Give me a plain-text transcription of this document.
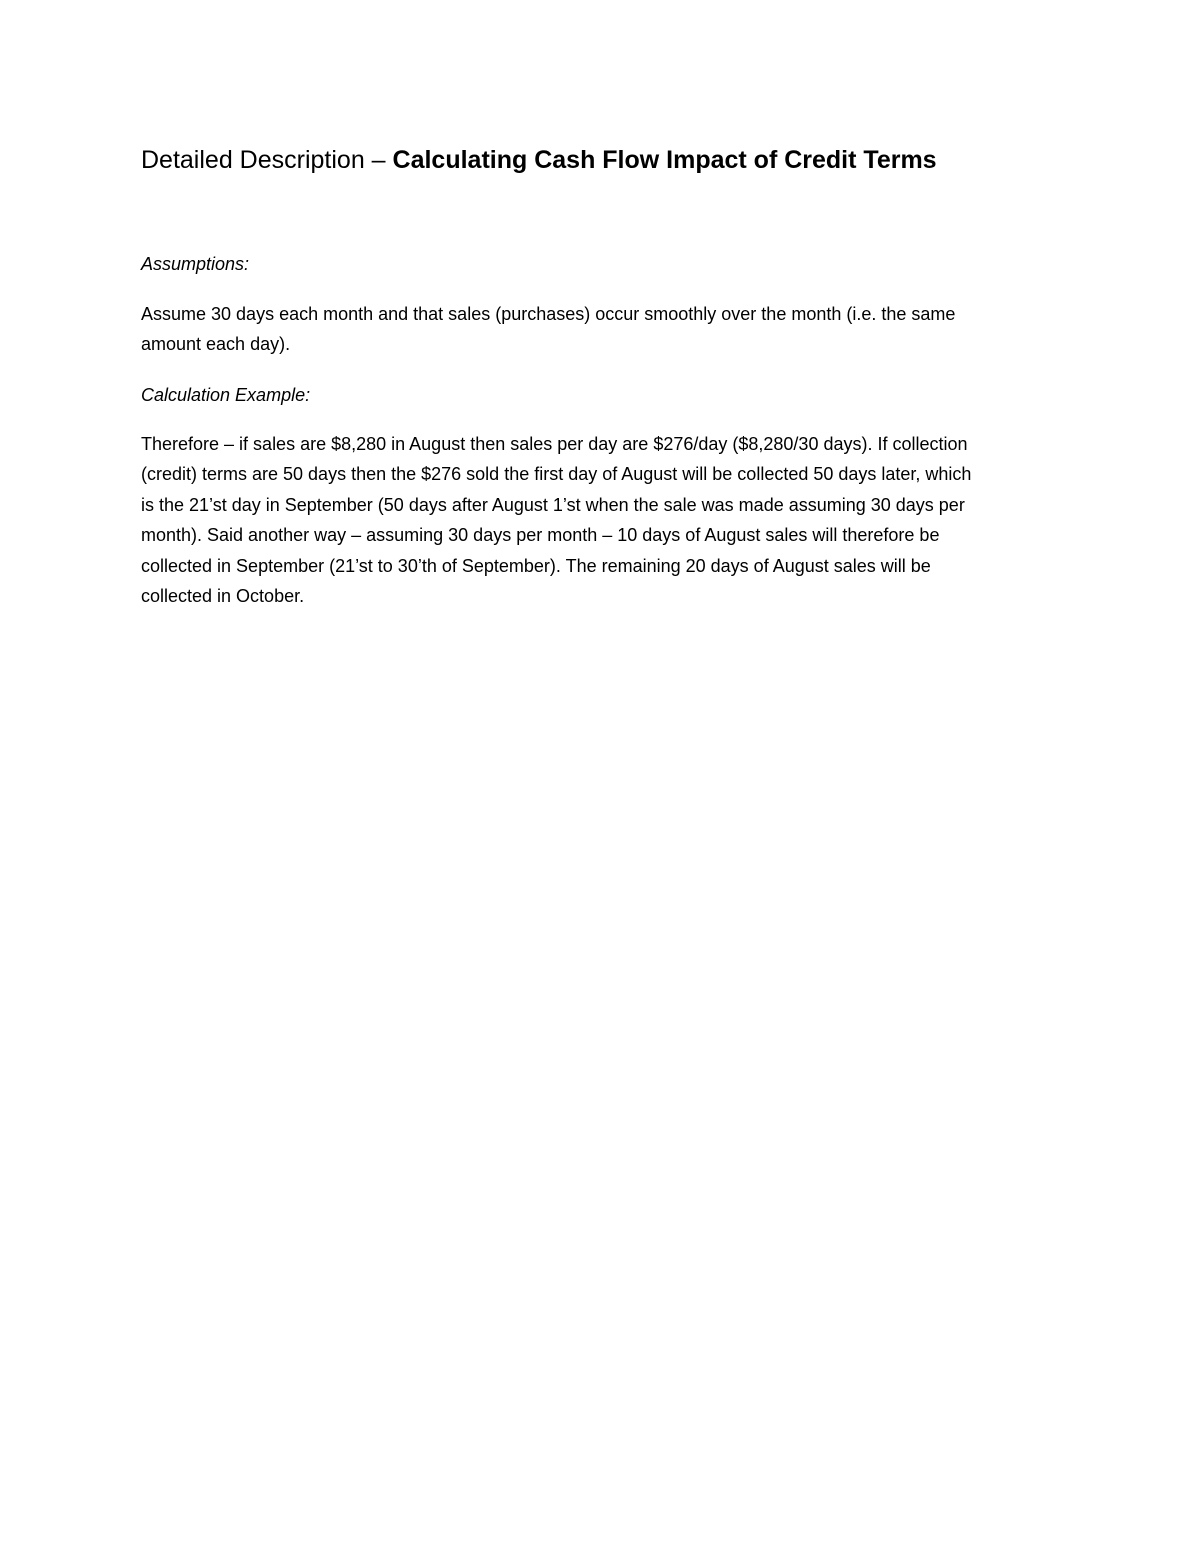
Detailed Description – Calculating Cash Flow Impact of Credit Terms

Assumptions:

Assume 30 days each month and that sales (purchases) occur smoothly over the month (i.e. the same
amount each day).

Calculation Example:

Therefore – if sales are $8,280 in August then sales per day are $276/day ($8,280/30 days). If collection
(credit) terms are 50 days then the $276 sold the first day of August will be collected 50 days later, which
is the 21’st day in September (50 days after August 1’st when the sale was made assuming 30 days per
month). Said another way – assuming 30 days per month – 10 days of August sales will therefore be
collected in September (21’st to 30’th of September). The remaining 20 days of August sales will be
collected in October.
